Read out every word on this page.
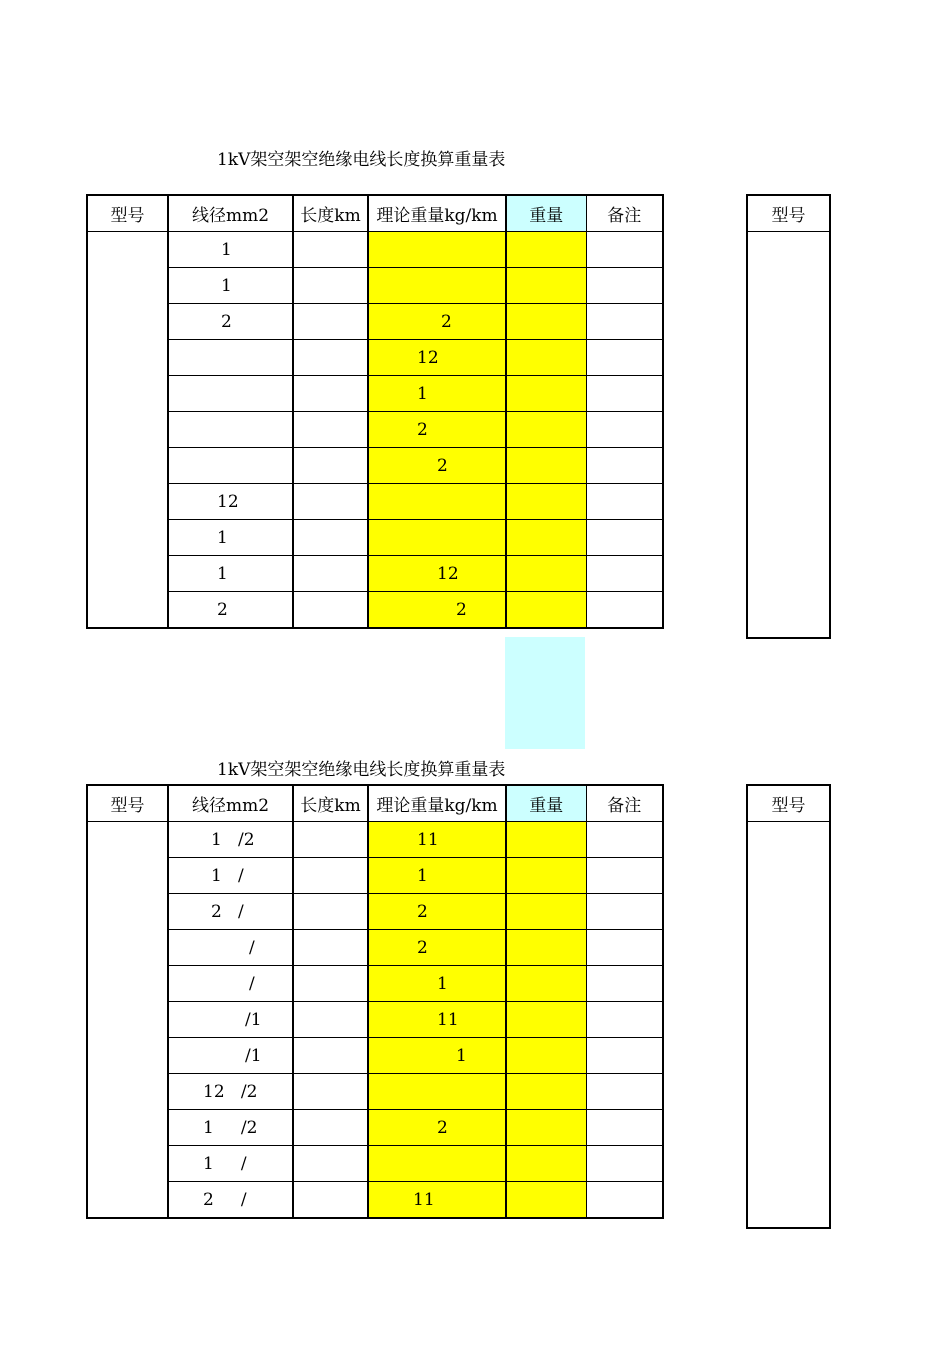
1kV架空架空绝缘电线长度换算重量表
型号	线径mm2	长度km	理论重量kg/km	重量	备注
	1				
	1				
	2		2		
			12		
			1		
			2		
			2		
	12				
	1				
	1		12		
	2		2		
型号

1kV架空架空绝缘电线长度换算重量表
型号	线径mm2	长度km	理论重量kg/km	重量	备注
	1   /2		11		
	1   /		1		
	2   /		2		
	/		2		
	/		1		
	/1		11		
	/1		1		
	12   /2				
	1     /2		2		
	1     /				
	2     /		11		
型号
